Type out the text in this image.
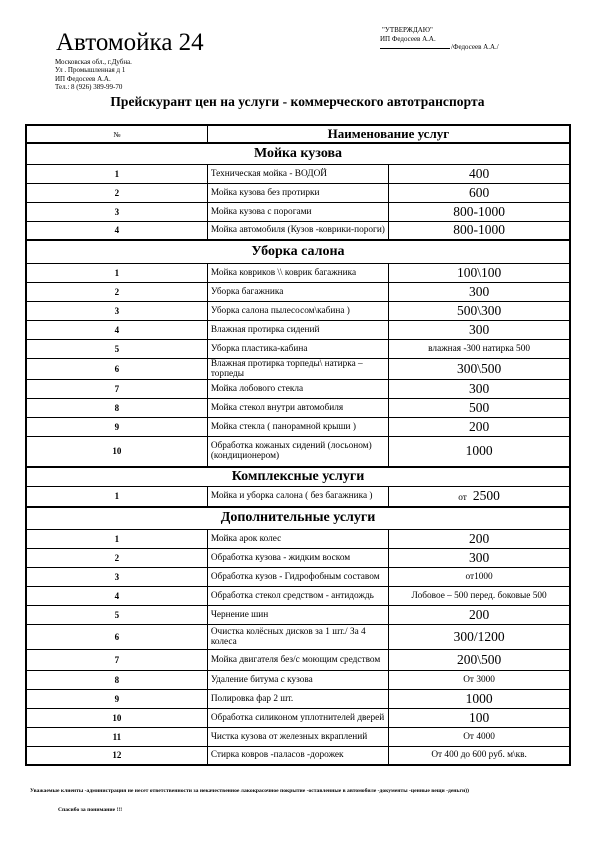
Автомойка 24
Московская обл., г.Дубна.
Ул . Промышленная д 1
ИП Федосеев А.А.
Тел.: 8 (926) 389-99-70
"УТВЕРЖДАЮ"
ИП Федосеев А.А.
/Федосеев А.А./
Прейскурант цен на услуги - коммерческого автотранспорта
№	Наименование услуг	
Мойка кузова		
1	Техническая мойка - ВОДОЙ	400
2	Мойка кузова без протирки	600
3	Мойка кузова с порогами	800-1000
4	Мойка автомобиля (Кузов -коврики-пороги)	800-1000
Уборка салона		
1	Мойка ковриков \\ коврик багажника	100\100
2	Уборка багажника	300
3	Уборка салона пылесосом\кабина )	500\300
4	Влажная протирка сидений	300
5	Уборка пластика-кабина	влажная -300 натирка 500
6	Влажная протирка торпеды\ натирка –торпеды	300\500
7	Мойка лобового стекла	300
8	Мойка стекол внутри автомобиля	500
9	Мойка стекла ( панорамной крыши )	200
10	Обработка кожаных сидений (лосьоном) (кондиционером)	1000
Комплексные услуги		
1	Мойка и уборка салона ( без багажника )	от 2500
Дополнительные услуги		
1	Мойка арок колес	200
2	Обработка кузова - жидким воском	300
3	Обработка кузов - Гидрофобным составом	от1000
4	Обработка стекол средством - антидождь	Лобовое – 500 перед. боковые 500
5	Чернение шин	200
6	Очистка колёсных дисков за 1 шт./ За 4 колеса	300/1200
7	Мойка двигателя без/с моющим средством	200\500
8	Удаление битума с кузова	От 3000
9	Полировка фар 2 шт.	1000
10	Обработка силиконом уплотнителей дверей	100
11	Чистка кузова от железных вкраплений	От 4000
12	Стирка ковров -паласов -дорожек	От 400 до 600 руб. м\кв.
Уважаемые клиенты -администрация не несет ответственности за некачественное лакокрасочное покрытие -оставленные в автомобиле -документы -ценные вещи -деньги))
Спасибо за понимание !!!
